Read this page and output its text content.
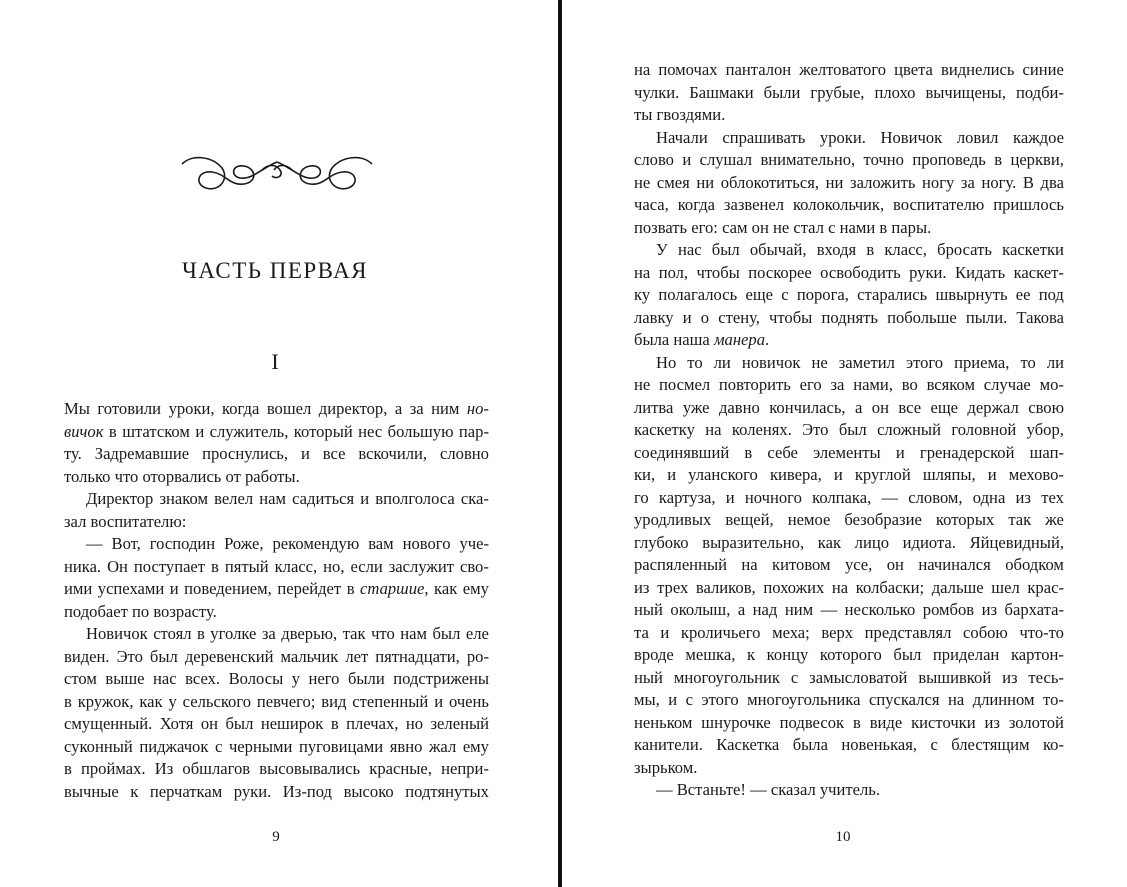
ЧАСТЬ ПЕРВАЯ
I
Мы готовили уроки, когда вошел директор, а за ним но-
вичок в штатском и служитель, который нес большую пар-
ту. Задремавшие проснулись, и все вскочили, словно
только что оторвались от работы.
Директор знаком велел нам садиться и вполголоса ска-
зал воспитателю:
— Вот, господин Роже, рекомендую вам нового уче-
ника. Он поступает в пятый класс, но, если заслужит сво-
ими успехами и поведением, перейдет в старшие, как ему
подобает по возрасту.
Новичок стоял в уголке за дверью, так что нам был еле
виден. Это был деревенский мальчик лет пятнадцати, ро-
стом выше нас всех. Волосы у него были подстрижены
в кружок, как у сельского певчего; вид степенный и очень
смущенный. Хотя он был неширок в плечах, но зеленый
суконный пиджачок с черными пуговицами явно жал ему
в проймах. Из обшлагов высовывались красные, непри-
вычные к перчаткам руки. Из-под высоко подтянутых
9
на помочах панталон желтоватого цвета виднелись синие
чулки. Башмаки были грубые, плохо вычищены, подби-
ты гвоздями.
Начали спрашивать уроки. Новичок ловил каждое
слово и слушал внимательно, точно проповедь в церкви,
не смея ни облокотиться, ни заложить ногу за ногу. В два
часа, когда зазвенел колокольчик, воспитателю пришлось
позвать его: сам он не стал с нами в пары.
У нас был обычай, входя в класс, бросать каскетки
на пол, чтобы поскорее освободить руки. Кидать каскет-
ку полагалось еще с порога, старались швырнуть ее под
лавку и о стену, чтобы поднять побольше пыли. Такова
была наша манера.
Но то ли новичок не заметил этого приема, то ли
не посмел повторить его за нами, во всяком случае мо-
литва уже давно кончилась, а он все еще держал свою
каскетку на коленях. Это был сложный головной убор,
соединявший в себе элементы и гренадерской шап-
ки, и уланского кивера, и круглой шляпы, и мехово-
го картуза, и ночного колпака, — словом, одна из тех
уродливых вещей, немое безобразие которых так же
глубоко выразительно, как лицо идиота. Яйцевидный,
распяленный на китовом усе, он начинался ободком
из трех валиков, похожих на колбаски; дальше шел крас-
ный околыш, а над ним — несколько ромбов из бархата-
та и кроличьего меха; верх представлял собою что-то
вроде мешка, к концу которого был приделан картон-
ный многоугольник с замысловатой вышивкой из тесь-
мы, и с этого многоугольника спускался на длинном то-
неньком шнурочке подвесок в виде кисточки из золотой
канители. Каскетка была новенькая, с блестящим ко-
зырьком.
— Встаньте! — сказал учитель.
10
